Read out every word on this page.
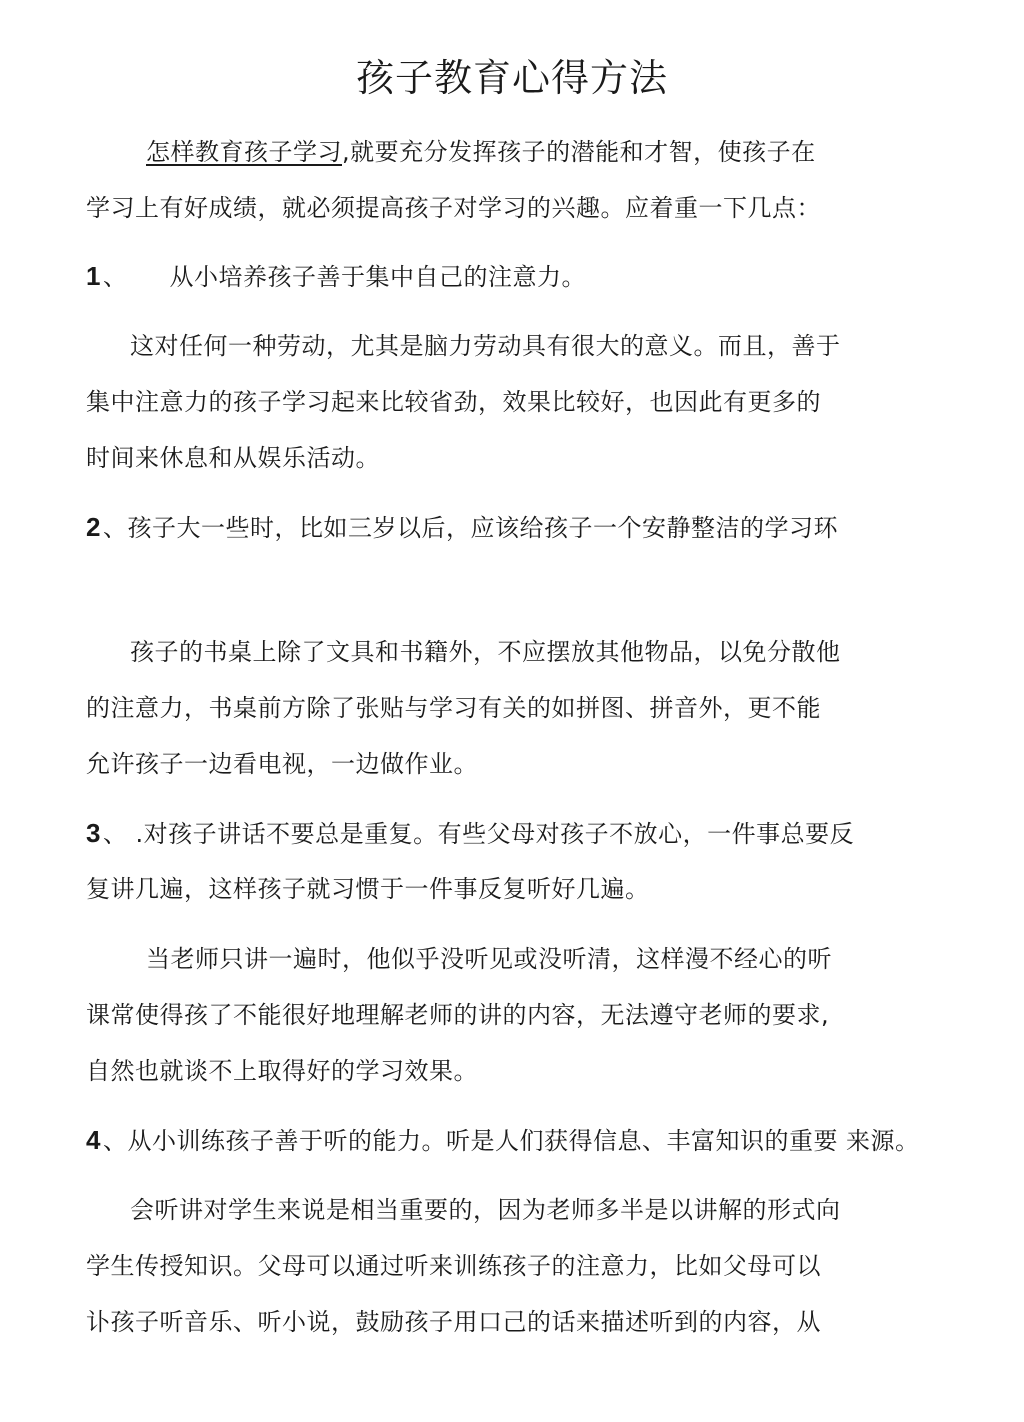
孩子教育心得方法
怎样教育孩子学习,就要充分发挥孩子的潜能和才智，使孩子在
学习上有好成绩，就必须提高孩子对学习的兴趣。应着重一下几点：
1、 从小培养孩子善于集中自己的注意力。
这对任何一种劳动，尤其是脑力劳动具有很大的意义。而且，善于
集中注意力的孩子学习起来比较省劲，效果比较好，也因此有更多的
时间来休息和从娱乐活动。
2、孩子大一些时，比如三岁以后，应该给孩子一个安静整洁的学习环
孩子的书桌上除了文具和书籍外，不应摆放其他物品，以免分散他
的注意力，书桌前方除了张贴与学习有关的如拼图、拼音外，更不能
允许孩子一边看电视，一边做作业。
3、 .对孩子讲话不要总是重复。有些父母对孩子不放心，一件事总要反
复讲几遍，这样孩子就习惯于一件事反复听好几遍。
当老师只讲一遍时，他似乎没听见或没听清，这样漫不经心的听
课常使得孩了不能很好地理解老师的讲的内容，无法遵守老师的要求,
自然也就谈不上取得好的学习效果。
4、从小训练孩子善于听的能力。听是人们获得信息、丰富知识的重要 来源。
会听讲对学生来说是相当重要的，因为老师多半是以讲解的形式向
学生传授知识。父母可以通过听来训练孩子的注意力，比如父母可以
讣孩子听音乐、听小说，鼓励孩子用口己的话来描述听到的内容，从
